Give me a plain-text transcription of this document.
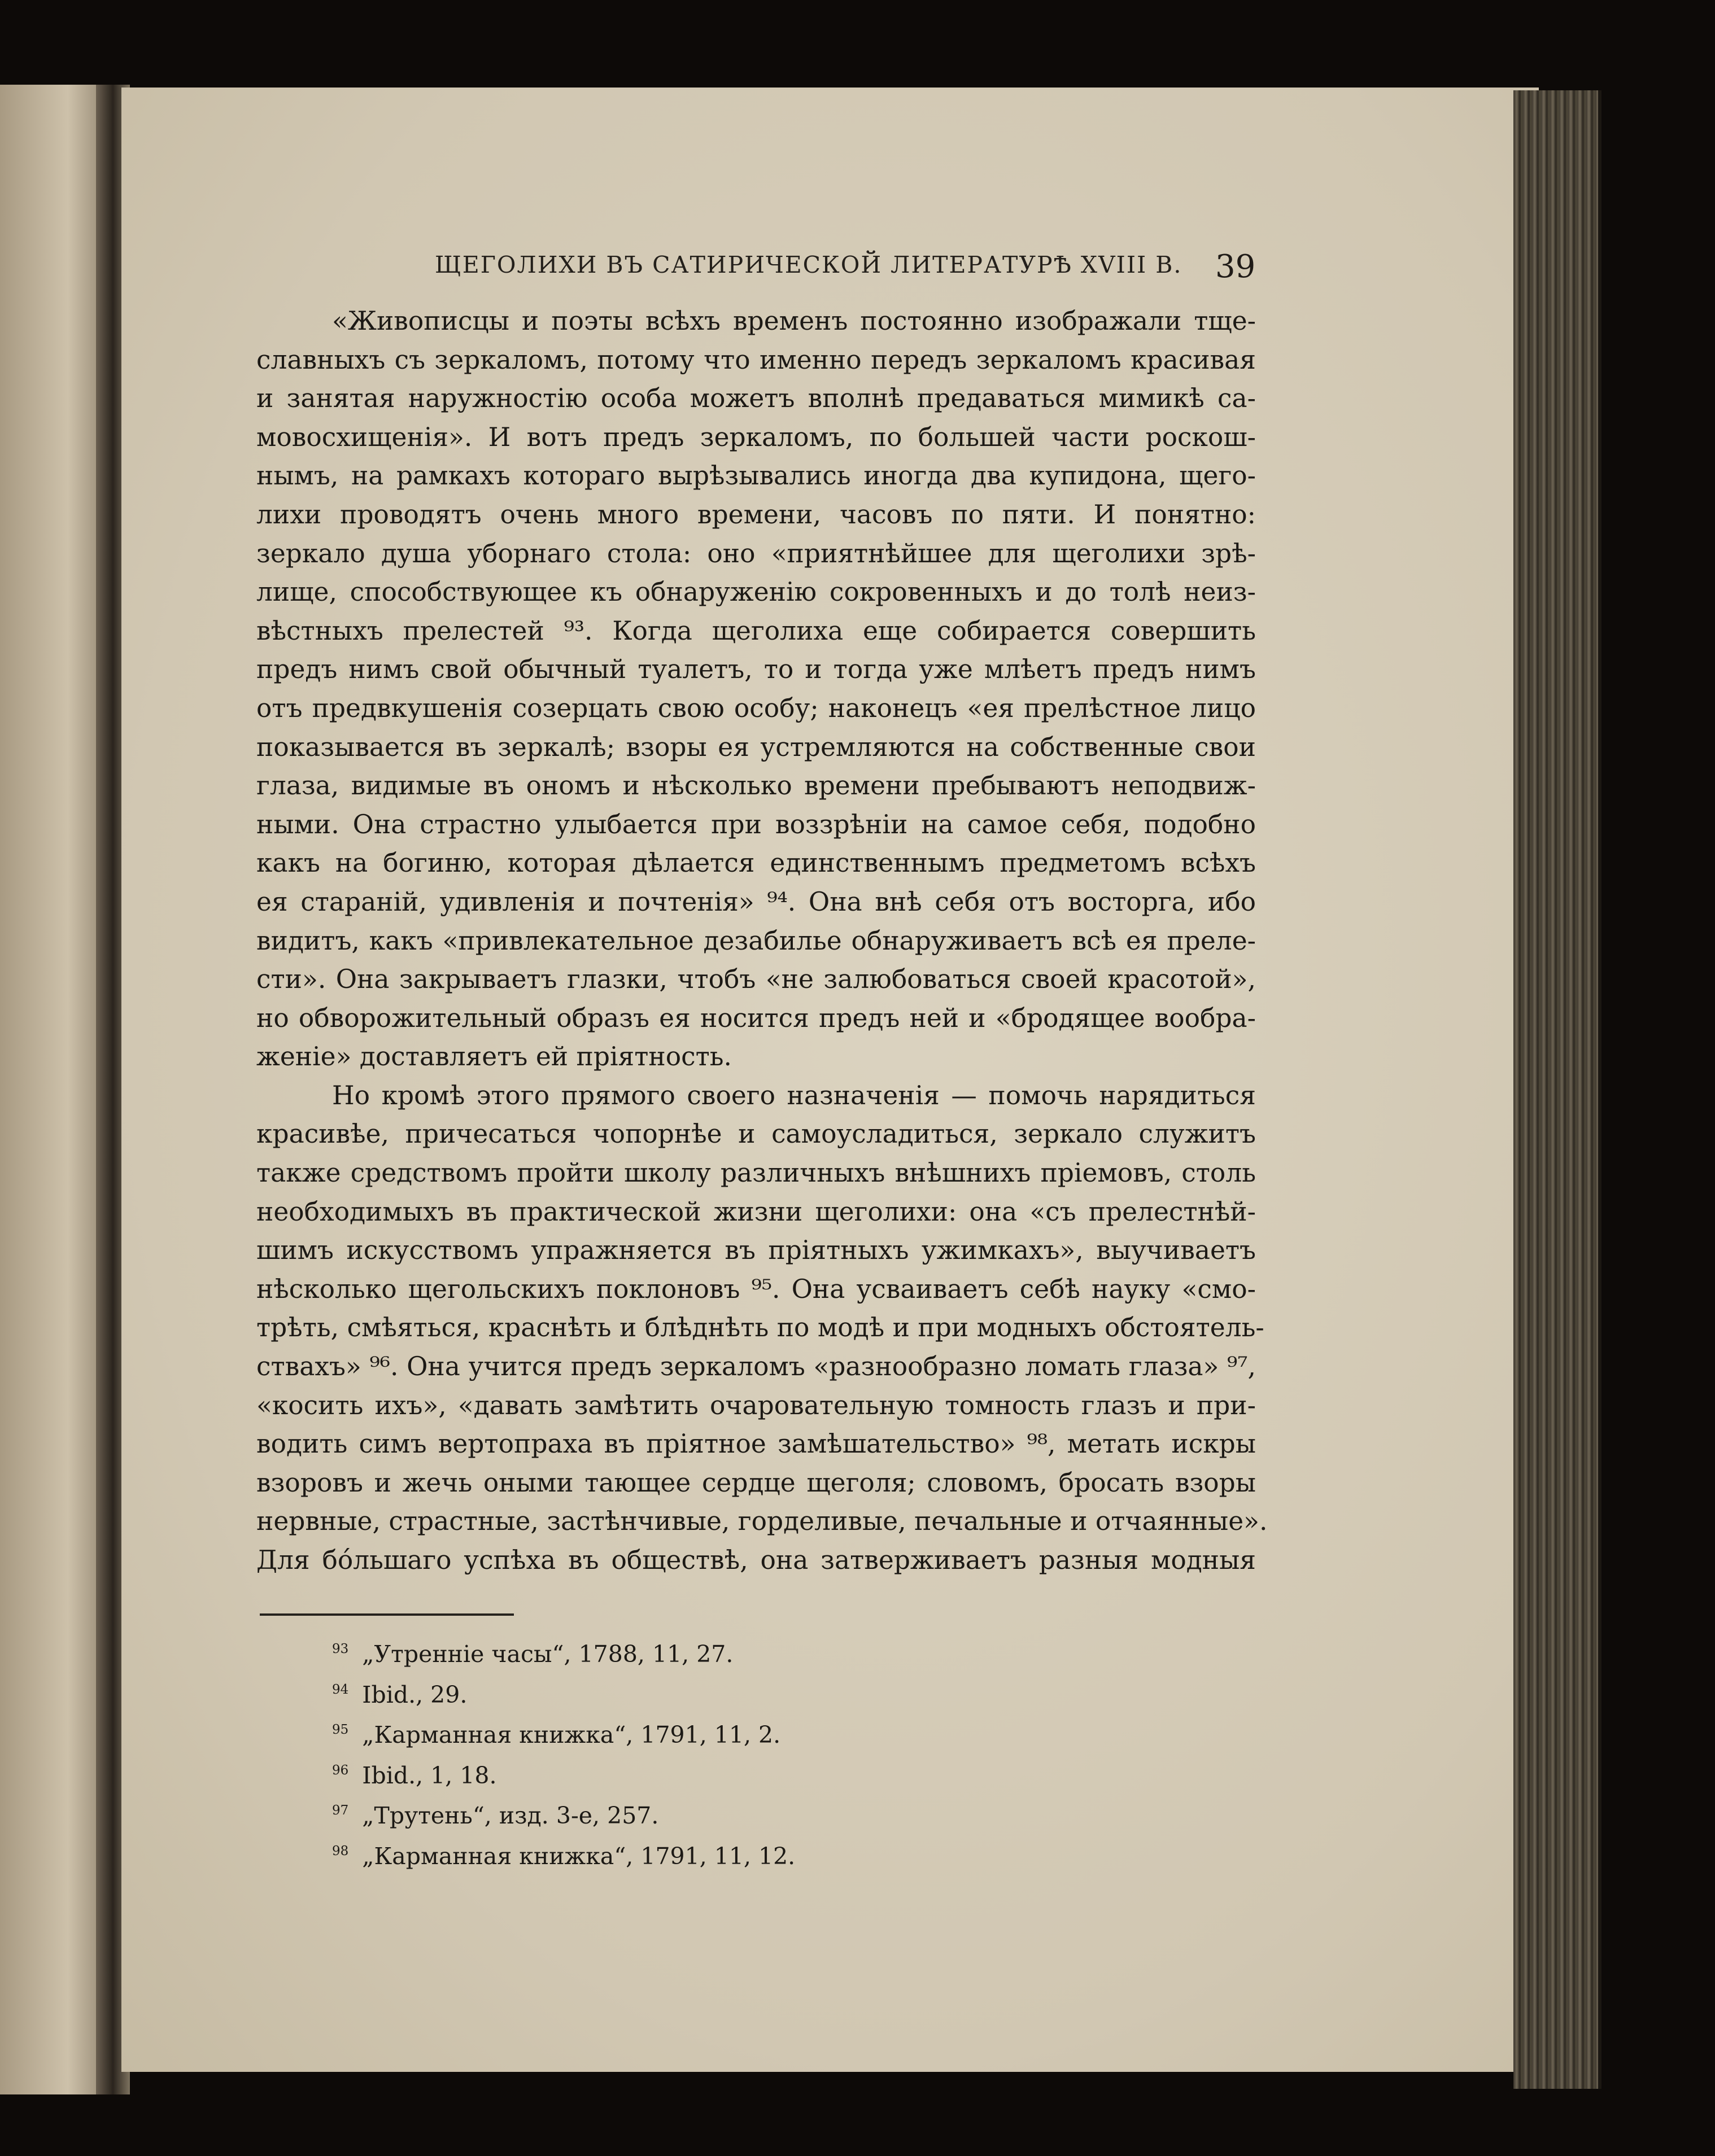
ЩЕГОЛИХИ ВЪ САТИРИЧЕСКОЙ ЛИТЕРАТУРѢ XVIII В. 39
«Живописцы и поэты всѣхъ временъ постоянно изображали тще-
славныхъ съ зеркаломъ, потому что именно передъ зеркаломъ красивая
и занятая наружностію особа можетъ вполнѣ предаваться мимикѣ са-
мовосхищенія». И вотъ предъ зеркаломъ, по большей части роскош-
нымъ, на рамкахъ котораго вырѣзывались иногда два купидона, щего-
лихи проводятъ очень много времени, часовъ по пяти. И понятно:
зеркало душа уборнаго стола: оно «приятнѣйшее для щеголихи зрѣ-
лище, способствующее къ обнаруженію сокровенныхъ и до толѣ неиз-
вѣстныхъ прелестей ⁹³. Когда щеголиха еще собирается совершить
предъ нимъ свой обычный туалетъ, то и тогда уже млѣетъ предъ нимъ
отъ предвкушенія созерцать свою особу; наконецъ «ея прелѣстное лицо
показывается въ зеркалѣ; взоры ея устремляются на собственные свои
глаза, видимые въ ономъ и нѣсколько времени пребываютъ неподвиж-
ными. Она страстно улыбается при воззрѣніи на самое себя, подобно
какъ на богиню, которая дѣлается единственнымъ предметомъ всѣхъ
ея стараній, удивленія и почтенія» ⁹⁴. Она внѣ себя отъ восторга, ибо
видитъ, какъ «привлекательное дезабилье обнаруживаетъ всѣ ея преле-
сти». Она закрываетъ глазки, чтобъ «не залюбоваться своей красотой»,
но обворожительный образъ ея носится предъ ней и «бродящее вообра-
женіе» доставляетъ ей пріятность.
Но кромѣ этого прямого своего назначенія — помочь нарядиться
красивѣе, причесаться чопорнѣе и самоусладиться, зеркало служитъ
также средствомъ пройти школу различныхъ внѣшнихъ пріемовъ, столь
необходимыхъ въ практической жизни щеголихи: она «съ прелестнѣй-
шимъ искусствомъ упражняется въ пріятныхъ ужимкахъ», выучиваетъ
нѣсколько щегольскихъ поклоновъ ⁹⁵. Она усваиваетъ себѣ науку «смо-
трѣть, смѣяться, краснѣть и блѣднѣть по модѣ и при модныхъ обстоятель-
ствахъ» ⁹⁶. Она учится предъ зеркаломъ «разнообразно ломать глаза» ⁹⁷,
«косить ихъ», «давать замѣтить очаровательную томность глазъ и при-
водить симъ вертопраха въ пріятное замѣшательство» ⁹⁸, метать искры
взоровъ и жечь оными тающее сердце щеголя; словомъ, бросать взоры
нервные, страстные, застѣнчивые, горделивые, печальные и отчаянные».
Для бóльшаго успѣха въ обществѣ, она затверживаетъ разныя модныя
$^{93}$ „Утренніе часы“, 1788, 11, 27.
$^{94}$ Ibid., 29.
$^{95}$ „Карманная книжка“, 1791, 11, 2.
$^{96}$ Ibid., 1, 18.
$^{97}$ „Трутень“, изд. 3-е, 257.
$^{98}$ „Карманная книжка“, 1791, 11, 12.
